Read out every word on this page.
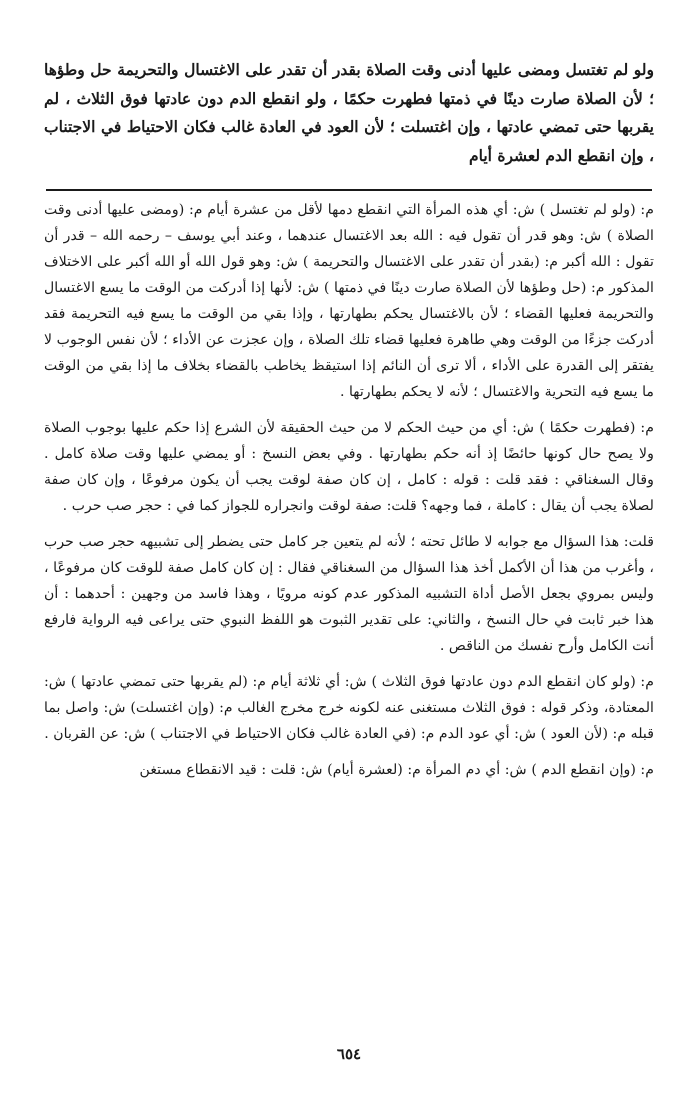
ولو لم تغتسل ومضى عليها أدنى وقت الصلاة بقدر أن تقدر على الاغتسال والتحريمة حل وطؤها ؛ لأن الصلاة صارت دينًا في ذمتها فطهرت حكمًا ، ولو انقطع الدم دون عادتها فوق الثلاث ، لم يقربها حتى تمضي عادتها ، وإن اغتسلت ؛ لأن العود في العادة غالب فكان الاحتياط في الاجتناب ، وإن انقطع الدم لعشرة أيام

م: (ولو لم تغتسل ) ش: أي هذه المرأة التي انقطع دمها لأقل من عشرة أيام م: (ومضى عليها أدنى وقت الصلاة ) ش: وهو قدر أن تقول فيه : الله بعد الاغتسال عندهما ، وعند أبي يوسف – رحمه الله – قدر أن تقول : الله أكبر م: (بقدر أن تقدر على الاغتسال والتحريمة ) ش: وهو قول الله أو الله أكبر على الاختلاف المذكور م: (حل وطؤها لأن الصلاة صارت دينًا في ذمتها ) ش: لأنها إذا أدركت من الوقت ما يسع الاغتسال والتحريمة فعليها القضاء ؛ لأن بالاغتسال يحكم بطهارتها ، وإذا بقي من الوقت ما يسع فيه التحريمة فقد أدركت جزءًا من الوقت وهي طاهرة فعليها قضاء تلك الصلاة ، وإن عجزت عن الأداء ؛ لأن نفس الوجوب لا يفتقر إلى القدرة على الأداء ، ألا ترى أن النائم إذا استيقظ يخاطب بالقضاء بخلاف ما إذا بقي من الوقت ما يسع فيه التحرية والاغتسال ؛ لأنه لا يحكم بطهارتها .

م: (فطهرت حكمًا ) ش: أي من حيث الحكم لا من حيث الحقيقة لأن الشرع إذا حكم عليها بوجوب الصلاة ولا يصح حال كونها حائضًا إذ أنه حكم بطهارتها . وفي بعض النسخ : أو يمضي عليها وقت صلاة كامل . وقال السغناقي : فقد قلت : قوله : كامل ، إن كان صفة لوقت يجب أن يكون مرفوعًا ، وإن كان صفة لصلاة يجب أن يقال : كاملة ، فما وجهه؟ قلت: صفة لوقت وانجراره للجواز كما في : حجر صب حرب .

قلت: هذا السؤال مع جوابه لا طائل تحته ؛ لأنه لم يتعين جر كامل حتى يضطر إلى تشبيهه حجر صب حرب ، وأغرب من هذا أن الأكمل أخذ هذا السؤال من السغناقي فقال : إن كان كامل صفة للوقت كان مرفوعًا ، وليس بمروي بجعل الأصل أداة التشبيه المذكور عدم كونه مرويًا ، وهذا فاسد من وجهين : أحدهما : أن هذا خبر ثابت في حال النسخ ، والثاني: على تقدير الثبوت هو اللفظ النبوي حتى يراعى فيه الرواية فارفع أنت الكامل وأرح نفسك من الناقص .

م: (ولو كان انقطع الدم دون عادتها فوق الثلاث ) ش: أي ثلاثة أيام م: (لم يقربها حتى تمضي عادتها ) ش: المعتادة، وذكر قوله : فوق الثلاث مستغنى عنه لكونه خرج مخرج الغالب م: (وإن اغتسلت) ش: واصل بما قبله م: (لأن العود ) ش: أي عود الدم م: (في العادة غالب فكان الاحتياط في الاجتناب ) ش: عن القربان .

م: (وإن انقطع الدم ) ش: أي دم المرأة م: (لعشرة أيام) ش: قلت : قيد الانقطاع مستغن

٦٥٤
